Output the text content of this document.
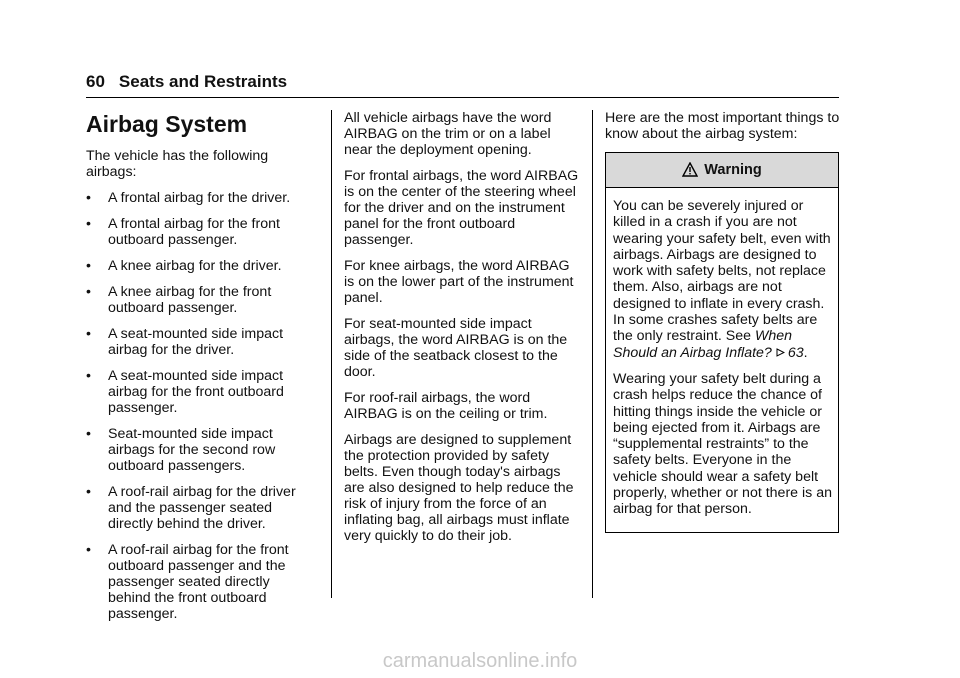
60 Seats and Restraints
Airbag System

The vehicle has the following airbags:

• A frontal airbag for the driver.
• A frontal airbag for the front outboard passenger.
• A knee airbag for the driver.
• A knee airbag for the front outboard passenger.
• A seat-mounted side impact airbag for the driver.
• A seat-mounted side impact airbag for the front outboard passenger.
• Seat-mounted side impact airbags for the second row outboard passengers.
• A roof-rail airbag for the driver and the passenger seated directly behind the driver.
• A roof-rail airbag for the front outboard passenger and the passenger seated directly behind the front outboard passenger.

All vehicle airbags have the word AIRBAG on the trim or on a label near the deployment opening.

For frontal airbags, the word AIRBAG is on the center of the steering wheel for the driver and on the instrument panel for the front outboard passenger.

For knee airbags, the word AIRBAG is on the lower part of the instrument panel.

For seat-mounted side impact airbags, the word AIRBAG is on the side of the seatback closest to the door.

For roof-rail airbags, the word AIRBAG is on the ceiling or trim.

Airbags are designed to supplement the protection provided by safety belts. Even though today's airbags are also designed to help reduce the risk of injury from the force of an inflating bag, all airbags must inflate very quickly to do their job.

Here are the most important things to know about the airbag system:

Warning

You can be severely injured or killed in a crash if you are not wearing your safety belt, even with airbags. Airbags are designed to work with safety belts, not replace them. Also, airbags are not designed to inflate in every crash. In some crashes safety belts are the only restraint. See When Should an Airbag Inflate? 63.

Wearing your safety belt during a crash helps reduce the chance of hitting things inside the vehicle or being ejected from it. Airbags are “supplemental restraints” to the safety belts. Everyone in the vehicle should wear a safety belt properly, whether or not there is an airbag for that person.

carmanualsonline.info
